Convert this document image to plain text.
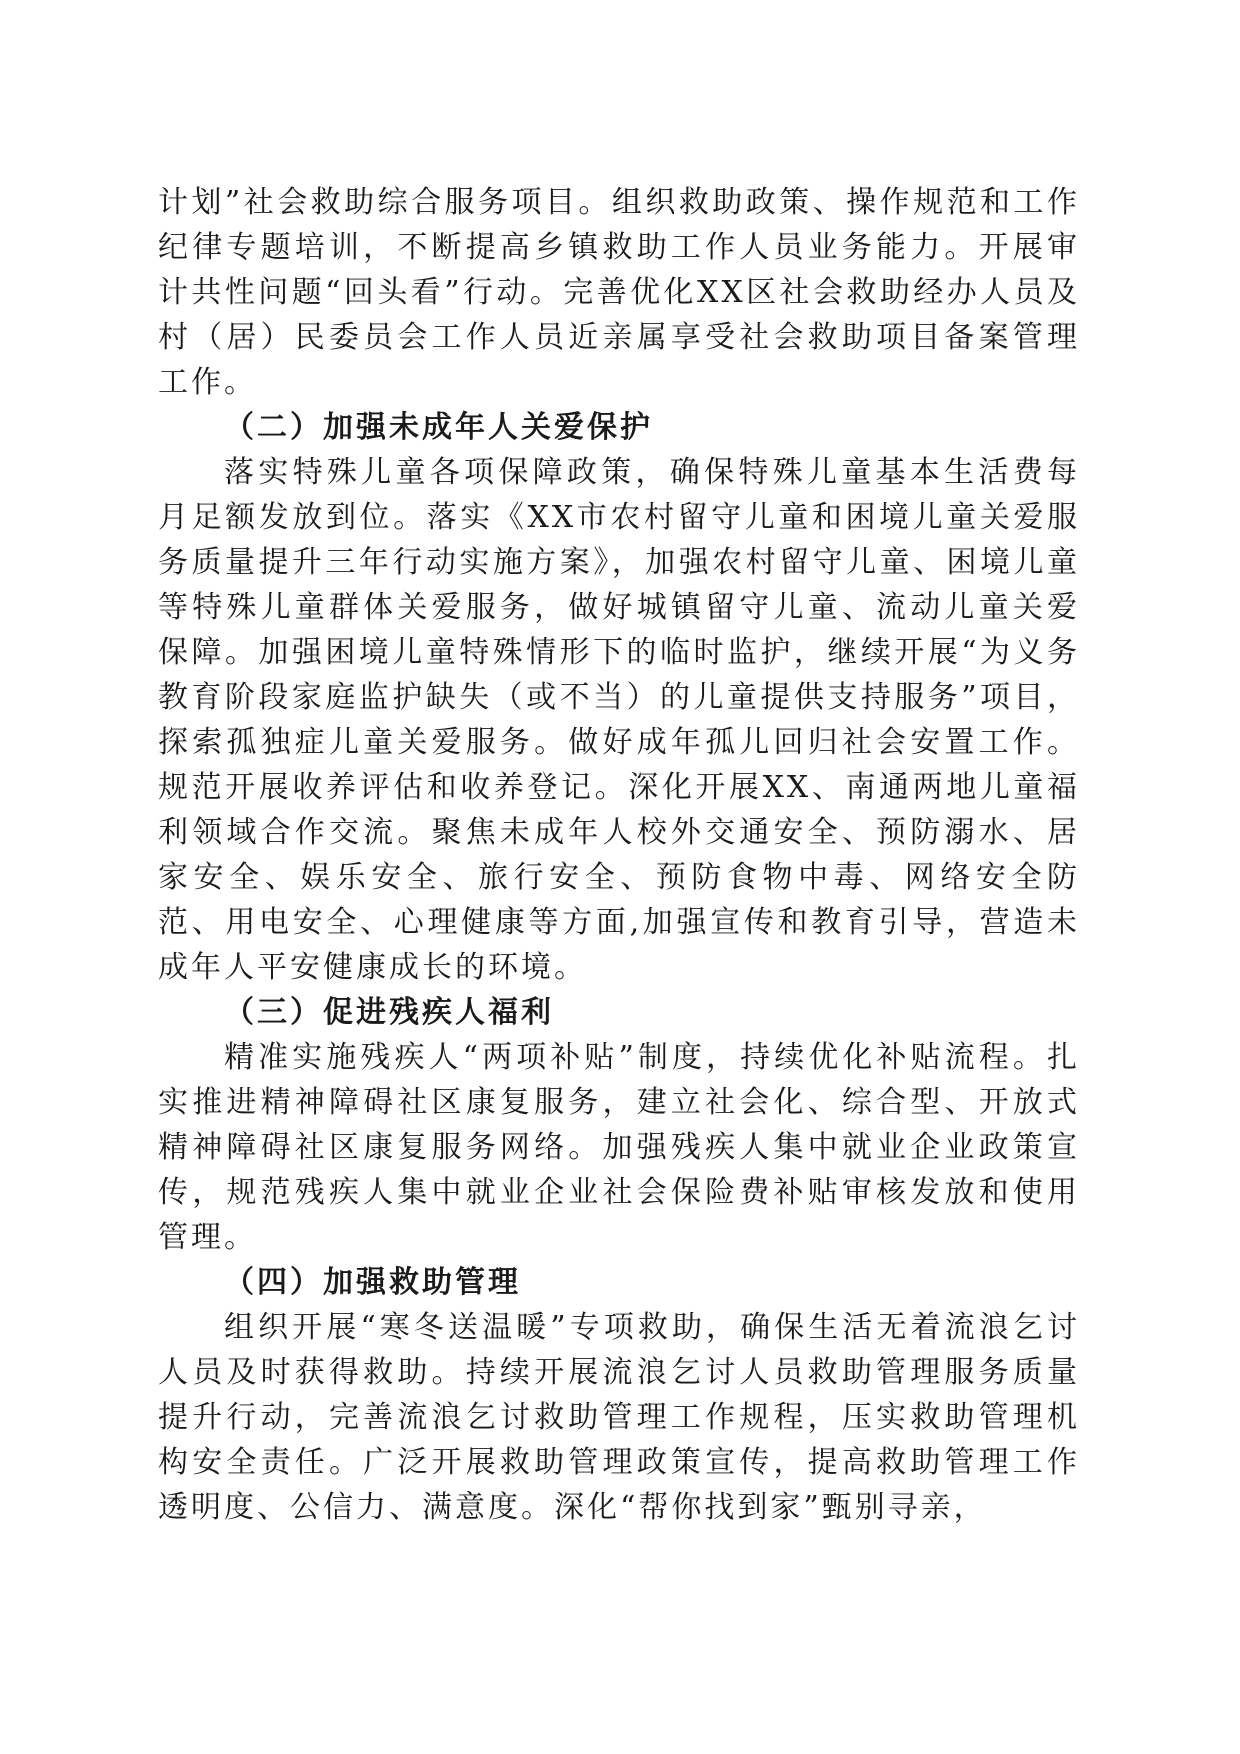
计划”社会救助综合服务项目。组织救助政策、操作规范和工作纪律专题培训，不断提高乡镇救助工作人员业务能力。开展审计共性问题“回头看”行动。完善优化XX区社会救助经办人员及村（居）民委员会工作人员近亲属享受社会救助项目备案管理工作。

（二）加强未成年人关爱保护

落实特殊儿童各项保障政策，确保特殊儿童基本生活费每月足额发放到位。落实《XX市农村留守儿童和困境儿童关爱服务质量提升三年行动实施方案》，加强农村留守儿童、困境儿童等特殊儿童群体关爱服务，做好城镇留守儿童、流动儿童关爱保障。加强困境儿童特殊情形下的临时监护，继续开展“为义务教育阶段家庭监护缺失（或不当）的儿童提供支持服务”项目，探索孤独症儿童关爱服务。做好成年孤儿回归社会安置工作。规范开展收养评估和收养登记。深化开展XX、南通两地儿童福利领域合作交流。聚焦未成年人校外交通安全、预防溺水、居家安全、娱乐安全、旅行安全、预防食物中毒、网络安全防范、用电安全、心理健康等方面,加强宣传和教育引导，营造未成年人平安健康成长的环境。

（三）促进残疾人福利

精准实施残疾人“两项补贴”制度，持续优化补贴流程。扎实推进精神障碍社区康复服务，建立社会化、综合型、开放式精神障碍社区康复服务网络。加强残疾人集中就业企业政策宣传，规范残疾人集中就业企业社会保险费补贴审核发放和使用管理。

（四）加强救助管理

组织开展“寒冬送温暖”专项救助，确保生活无着流浪乞讨人员及时获得救助。持续开展流浪乞讨人员救助管理服务质量提升行动，完善流浪乞讨救助管理工作规程，压实救助管理机构安全责任。广泛开展救助管理政策宣传，提高救助管理工作透明度、公信力、满意度。深化“帮你找到家”甄别寻亲，
